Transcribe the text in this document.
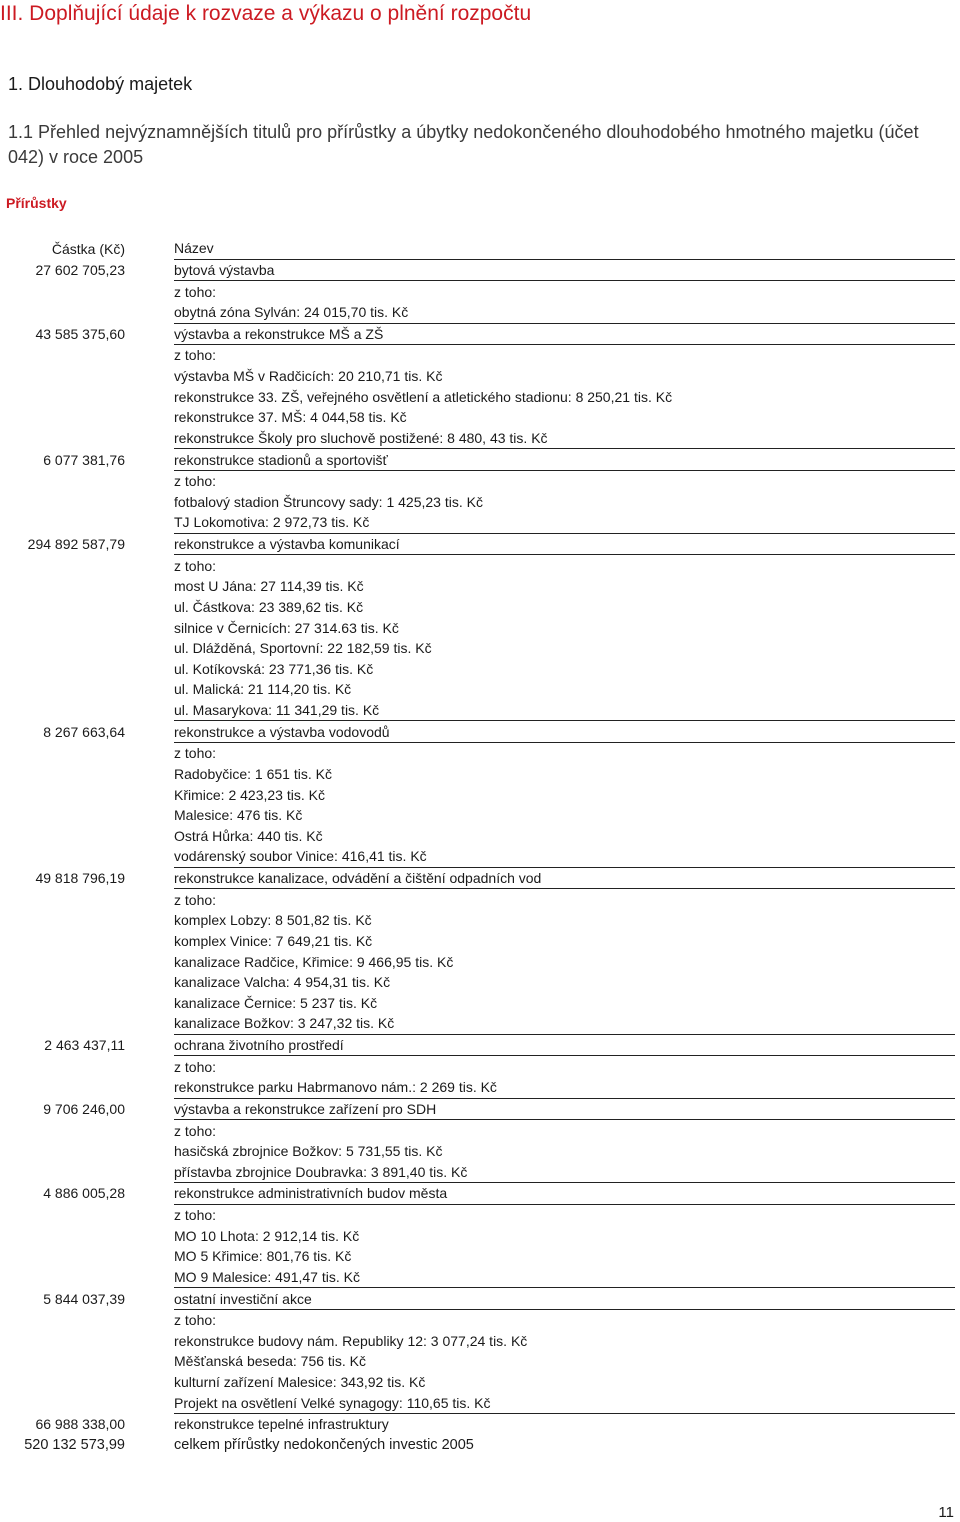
III. Doplňující údaje k rozvaze a výkazu o plnění rozpočtu
1. Dlouhodobý majetek
1.1 Přehled nejvýznamnějších titulů pro přírůstky a úbytky nedokončeného dlouhodobého hmotného majetku (účet 042) v roce 2005
Přírůstky
Částka (Kč)	Název
27 602 705,23	bytová výstavba
	z toho:
	obytná zóna Sylván: 24 015,70 tis. Kč
43 585 375,60	výstavba a rekonstrukce MŠ a ZŠ
	z toho:
	výstavba MŠ v Radčicích: 20 210,71 tis. Kč
	rekonstrukce 33. ZŠ, veřejného osvětlení a atletického stadionu: 8 250,21 tis. Kč
	rekonstrukce 37. MŠ: 4 044,58 tis. Kč
	rekonstrukce Školy pro sluchově postižené: 8 480, 43 tis. Kč
6 077 381,76	rekonstrukce stadionů a sportovišť
	z toho:
	fotbalový stadion Štruncovy sady: 1 425,23 tis. Kč
	TJ Lokomotiva: 2 972,73 tis. Kč
294 892 587,79	rekonstrukce a výstavba komunikací
	z toho:
	most U Jána: 27 114,39 tis. Kč
	ul. Částkova: 23 389,62 tis. Kč
	silnice v Černicích: 27 314.63 tis. Kč
	ul. Dlážděná, Sportovní: 22 182,59 tis. Kč
	ul. Kotíkovská: 23 771,36 tis. Kč
	ul. Malická: 21 114,20 tis. Kč
	ul. Masarykova: 11 341,29 tis. Kč
8 267 663,64	rekonstrukce a výstavba vodovodů
	z toho:
	Radobyčice: 1 651 tis. Kč
	Křimice: 2 423,23 tis. Kč
	Malesice: 476 tis. Kč
	Ostrá Hůrka: 440 tis. Kč
	vodárenský soubor Vinice: 416,41 tis. Kč
49 818 796,19	rekonstrukce kanalizace, odvádění a čištění odpadních vod
	z toho:
	komplex Lobzy: 8 501,82 tis. Kč
	komplex Vinice: 7 649,21 tis. Kč
	kanalizace Radčice, Křimice: 9 466,95 tis. Kč
	kanalizace Valcha: 4 954,31 tis. Kč
	kanalizace Černice: 5 237 tis. Kč
	kanalizace Božkov: 3 247,32 tis. Kč
2 463 437,11	ochrana životního prostředí
	z toho:
	rekonstrukce parku Habrmanovo nám.: 2 269 tis. Kč
9 706 246,00	výstavba a rekonstrukce zařízení pro SDH
	z toho:
	hasičská zbrojnice Božkov: 5 731,55 tis. Kč
	přístavba zbrojnice Doubravka: 3 891,40 tis. Kč
4 886 005,28	rekonstrukce administrativních budov města
	z toho:
	MO 10 Lhota: 2 912,14 tis. Kč
	MO 5 Křimice: 801,76 tis. Kč
	MO 9 Malesice: 491,47 tis. Kč
5 844 037,39	ostatní investiční akce
	z toho:
	rekonstrukce budovy nám. Republiky 12: 3 077,24 tis. Kč
	Měšťanská beseda: 756 tis. Kč
	kulturní zařízení Malesice: 343,92 tis. Kč
	Projekt na osvětlení Velké synagogy: 110,65 tis. Kč
66 988 338,00	rekonstrukce tepelné infrastruktury
520 132 573,99	celkem přírůstky nedokončených investic 2005
11
